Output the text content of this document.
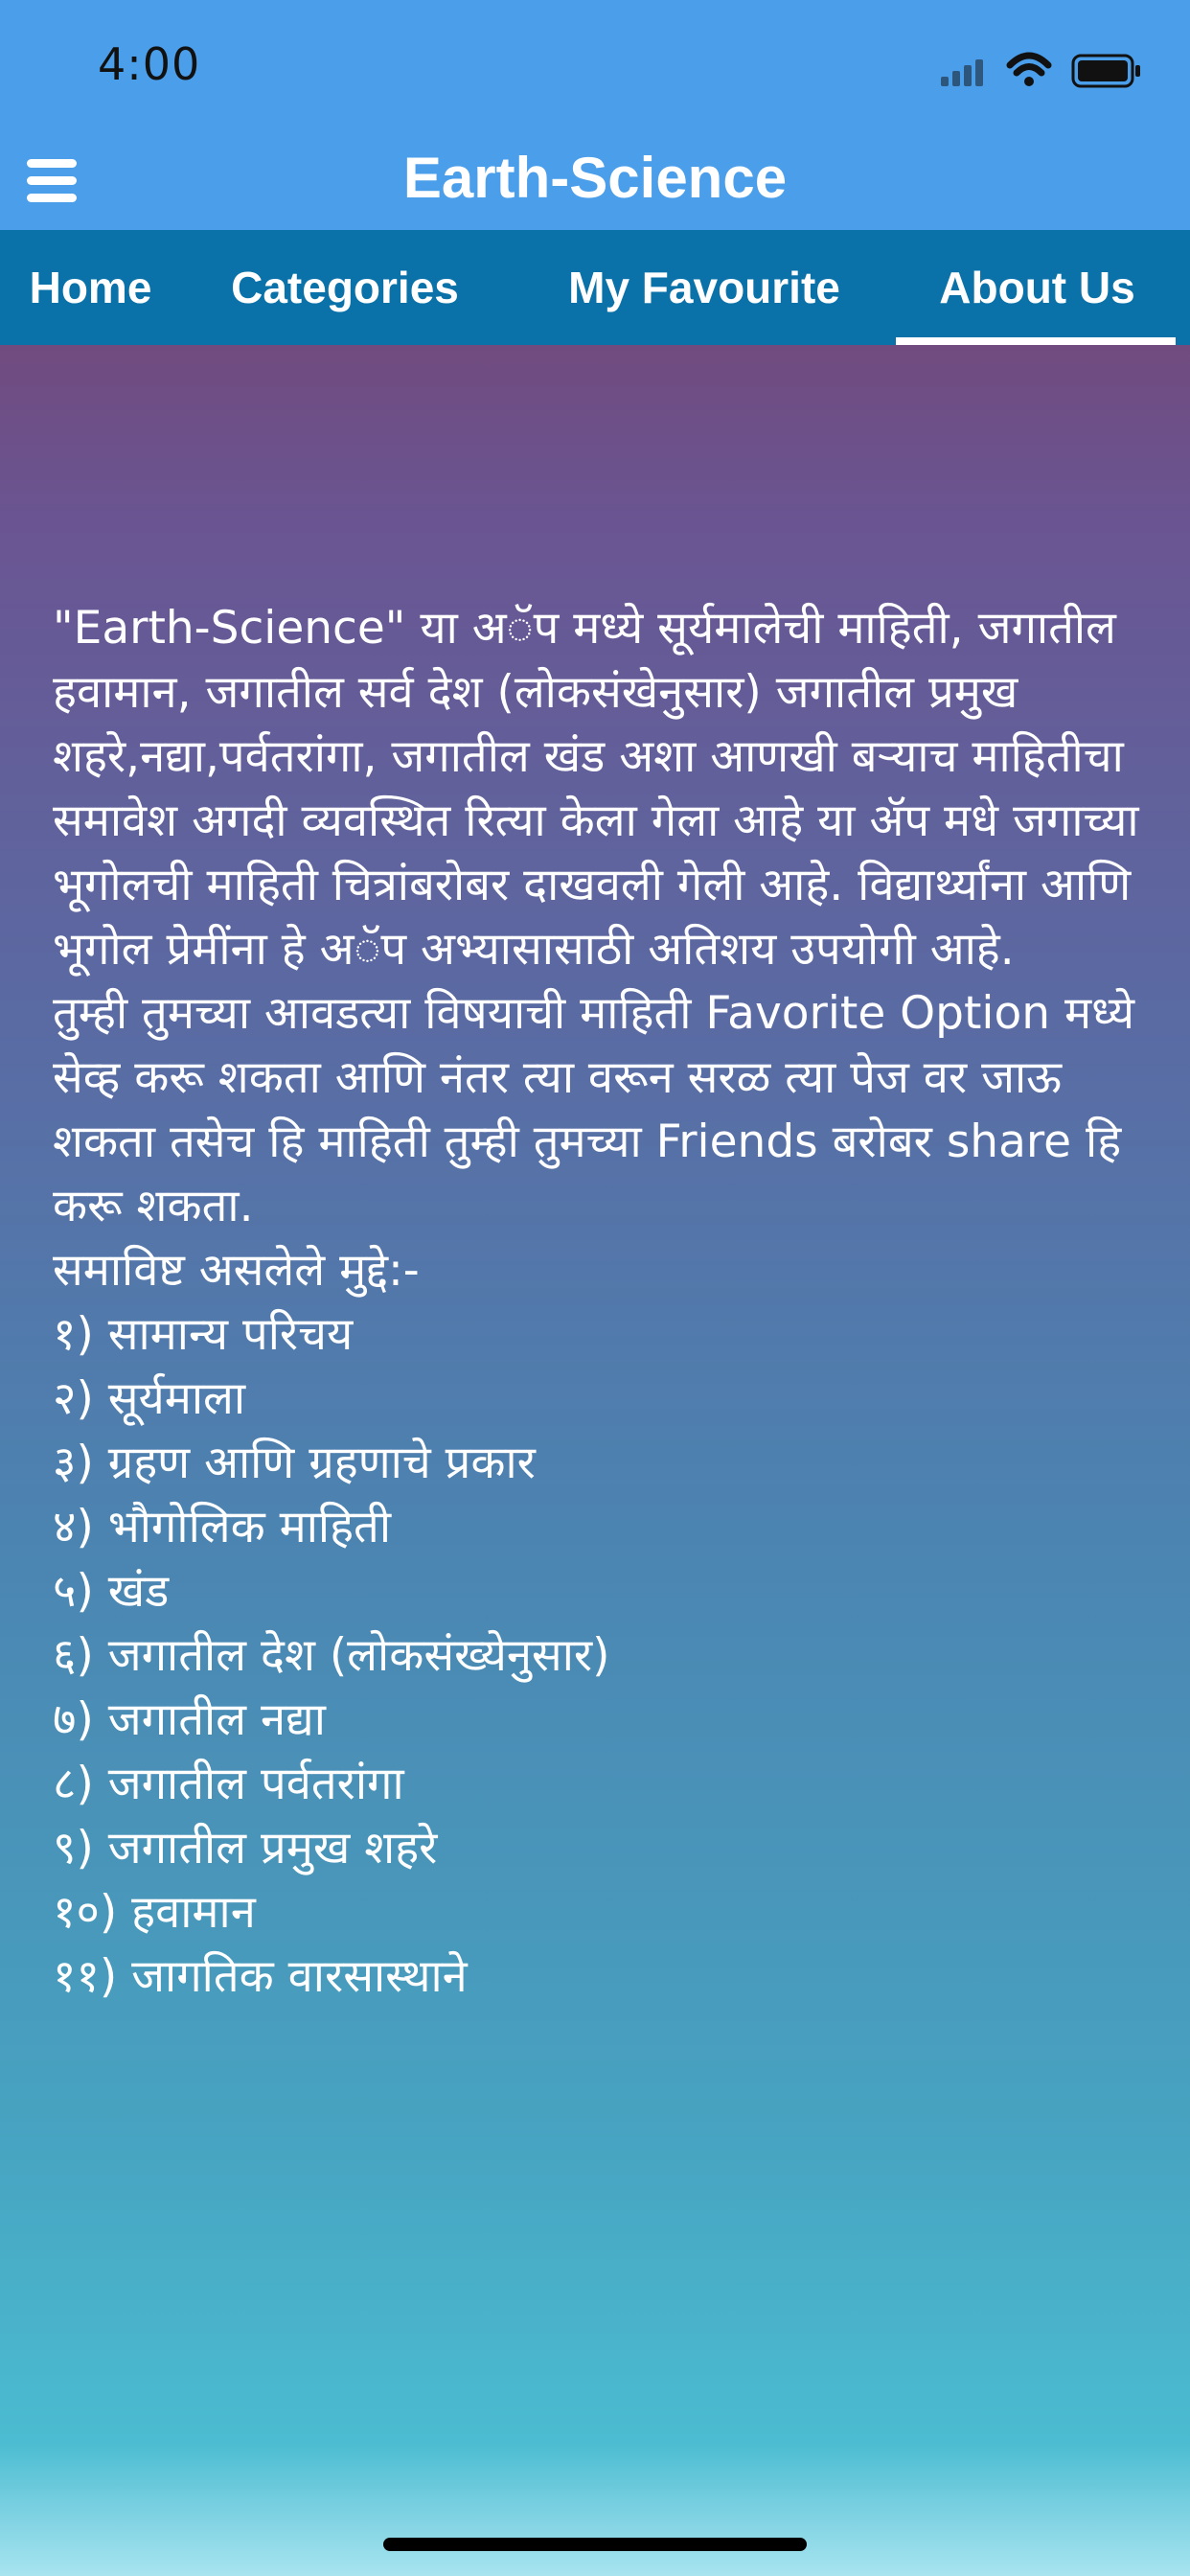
4:00
Earth-Science
Home	Categories	My Favourite	About Us
"Earth-Science" या अॅप मध्ये सूर्यमालेची माहिती, जगातील हवामान, जगातील सर्व देश (लोकसंखेनुसार) जगातील प्रमुख शहरे,नद्या,पर्वतरांगा, जगातील खंड अशा आणखी बऱ्याच माहितीचा समावेश अगदी व्यवस्थित रित्या केला गेला आहे या ॲप मधे जगाच्या भूगोलची माहिती चित्रांबरोबर दाखवली गेली आहे. विद्यार्थ्यांना आणि भूगोल प्रेमींना हे अॅप अभ्यासासाठी अतिशय उपयोगी आहे.
तुम्ही तुमच्या आवडत्या विषयाची माहिती Favorite Option मध्ये सेव्ह करू शकता आणि नंतर त्या वरून सरळ त्या पेज वर जाऊ शकता तसेच हि माहिती तुम्ही तुमच्या Friends बरोबर share हि करू शकता.
समाविष्ट असलेले मुद्दे:-
१) सामान्य परिचय
२) सूर्यमाला
३) ग्रहण आणि ग्रहणाचे प्रकार
४) भौगोलिक माहिती
५) खंड
६) जगातील देश (लोकसंख्येनुसार)
७) जगातील नद्या
८) जगातील पर्वतरांगा
९) जगातील प्रमुख शहरे
१०) हवामान
११) जागतिक वारसास्थाने
